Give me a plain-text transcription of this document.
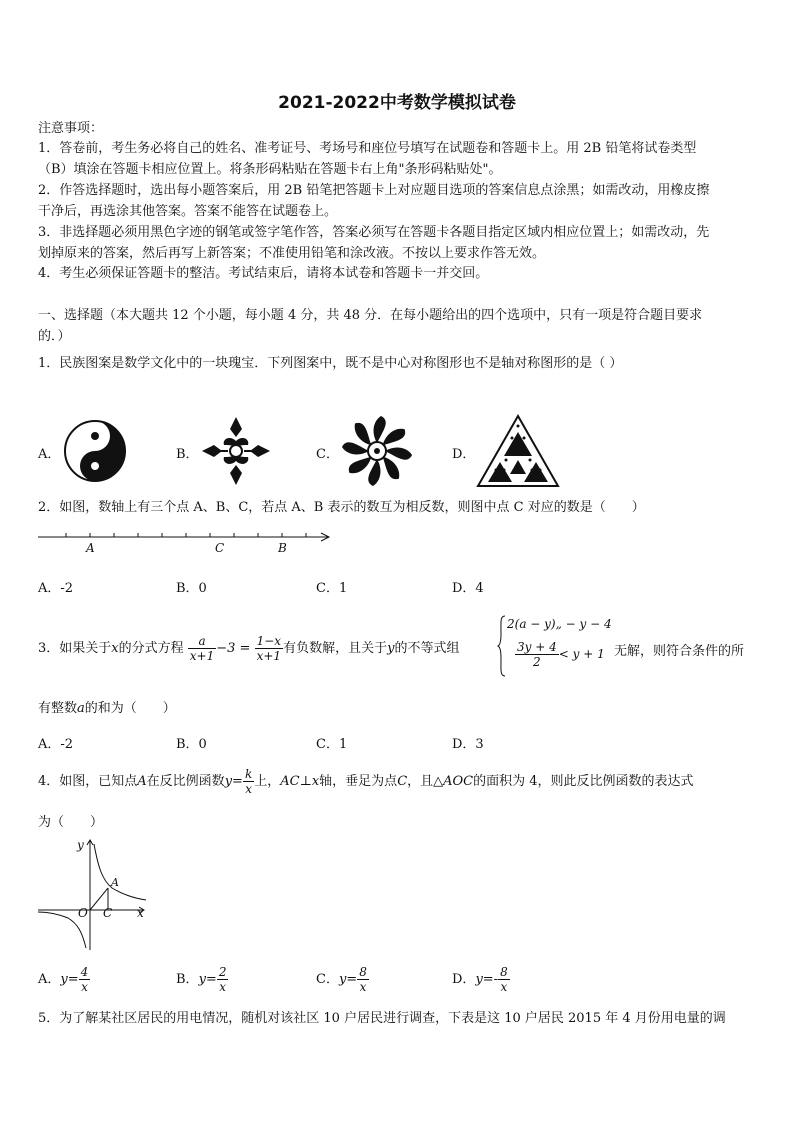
2021-2022中考数学模拟试卷
注意事项：
1．答卷前，考生务必将自己的姓名、准考证号、考场号和座位号填写在试题卷和答题卡上。用 2B 铅笔将试卷类型
（B）填涂在答题卡相应位置上。将条形码粘贴在答题卡右上角"条形码粘贴处"。
2．作答选择题时，选出每小题答案后，用 2B 铅笔把答题卡上对应题目选项的答案信息点涂黑；如需改动，用橡皮擦
干净后，再选涂其他答案。答案不能答在试题卷上。
3．非选择题必须用黑色字迹的钢笔或签字笔作答，答案必须写在答题卡各题目指定区域内相应位置上；如需改动，先
划掉原来的答案，然后再写上新答案；不准使用铅笔和涂改液。不按以上要求作答无效。
4．考生必须保证答题卡的整洁。考试结束后，请将本试卷和答题卡一并交回。
一、选择题（本大题共 12 个小题，每小题 4 分，共 48 分．在每小题给出的四个选项中，只有一项是符合题目要求
的．）
1．民族图案是数学文化中的一块瑰宝．下列图案中，既不是中心对称图形也不是轴对称图形的是（ ）
A．	B．	C．	D．
2．如图，数轴上有三个点 A、B、C，若点 A、B 表示的数互为相反数，则图中点 C 对应的数是（　　）
A	C	B
A．-2	B．0	C．1	D．4
3．如果关于x的分式方程 $\frac{a}{x+1} -3 = \frac{1-x}{x+1}$ 有负数解，且关于y的不等式组
2(a − y)„ − y − 4
$\frac{3y + 4}{2} < y + 1$ 无解，则符合条件的所
有整数a的和为（　　）
A．-2	B．0	C．1	D．3
4．如图，已知点A在反比例函数$y= \frac{k}{x}$ 上，AC⊥x轴，垂足为点C，且△AOC的面积为 4，则此反比例函数的表达式
为（　　）
y
A
O C x
A．$y= \frac{4}{x}$	B．$y= \frac{2}{x}$	C．$y= \frac{8}{x}$	D．$y=- \frac{8}{x}$
5．为了解某社区居民的用电情况，随机对该社区 10 户居民进行调查，下表是这 10 户居民 2015 年 4 月份用电量的调
